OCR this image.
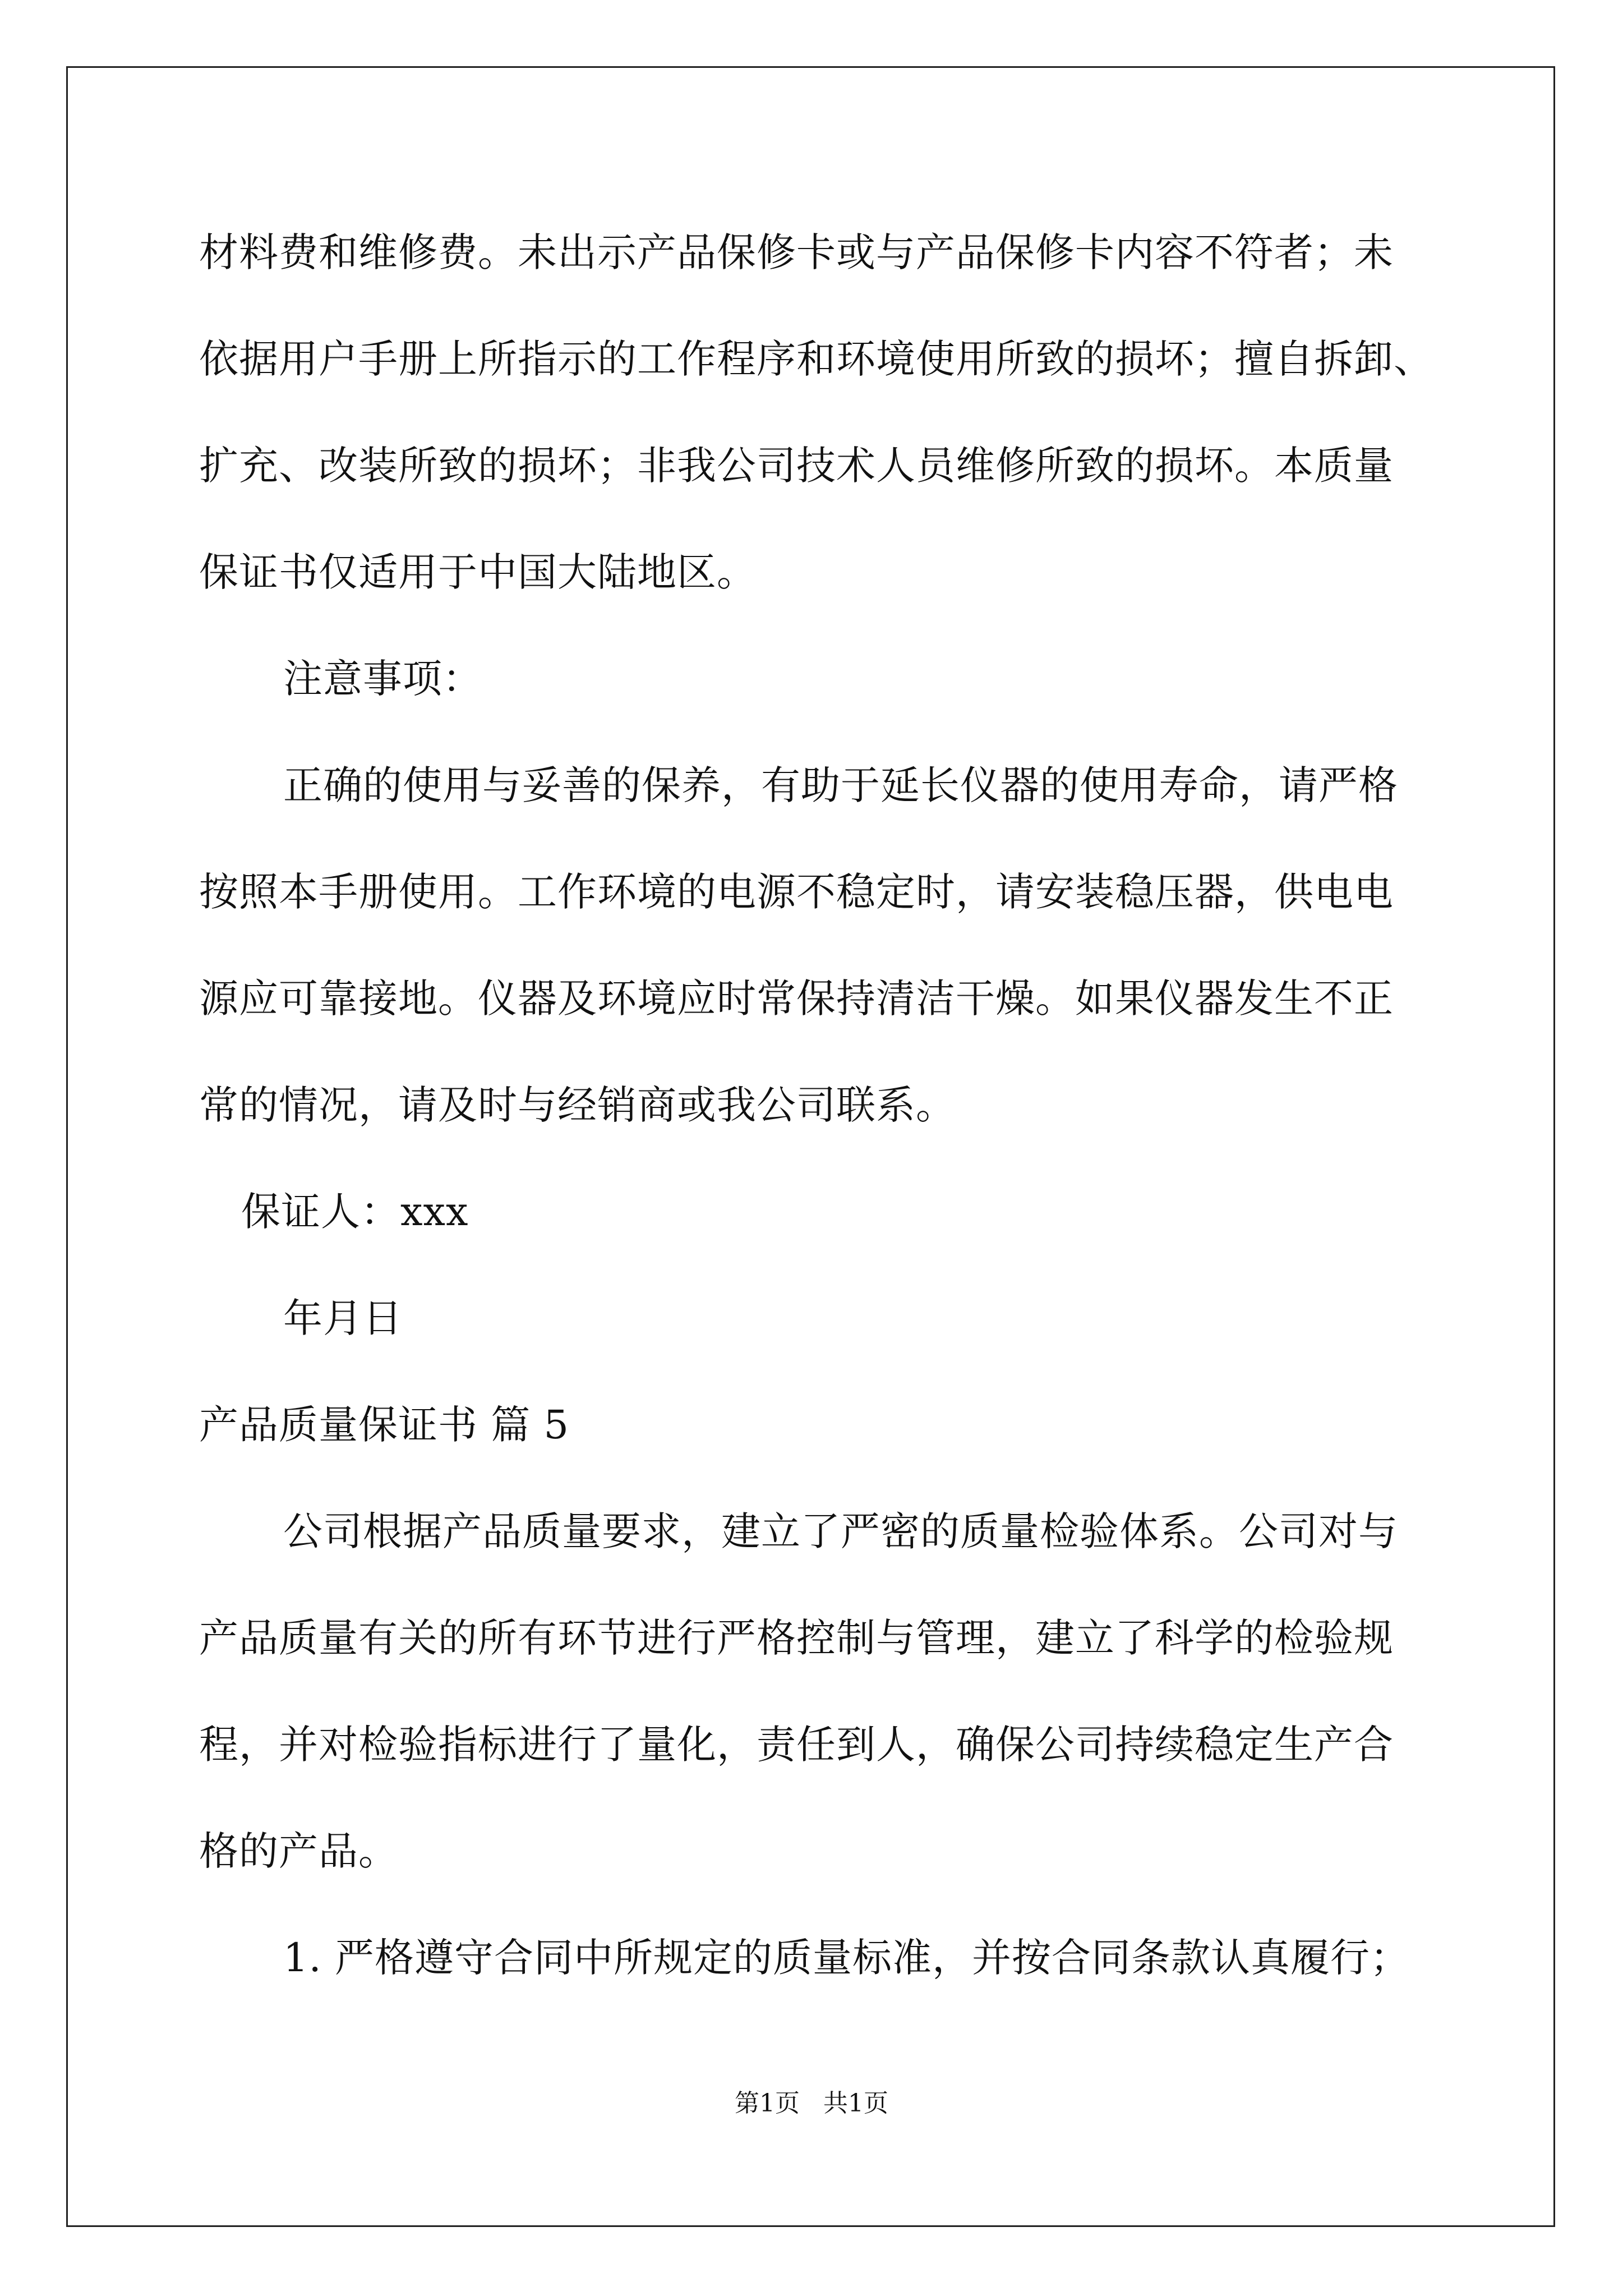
材料费和维修费。未出示产品保修卡或与产品保修卡内容不符者；未
依据用户手册上所指示的工作程序和环境使用所致的损坏；擅自拆卸、
扩充、改装所致的损坏；非我公司技术人员维修所致的损坏。本质量
保证书仅适用于中国大陆地区。
注意事项：
正确的使用与妥善的保养，有助于延长仪器的使用寿命，请严格
按照本手册使用。工作环境的电源不稳定时，请安装稳压器，供电电
源应可靠接地。仪器及环境应时常保持清洁干燥。如果仪器发生不正
常的情况，请及时与经销商或我公司联系。
保证人：xxx
年月日
产品质量保证书 篇 5
公司根据产品质量要求，建立了严密的质量检验体系。公司对与
产品质量有关的所有环节进行严格控制与管理，建立了科学的检验规
程，并对检验指标进行了量化，责任到人，确保公司持续稳定生产合
格的产品。
1. 严格遵守合同中所规定的质量标准，并按合同条款认真履行；
第1页   共1页
